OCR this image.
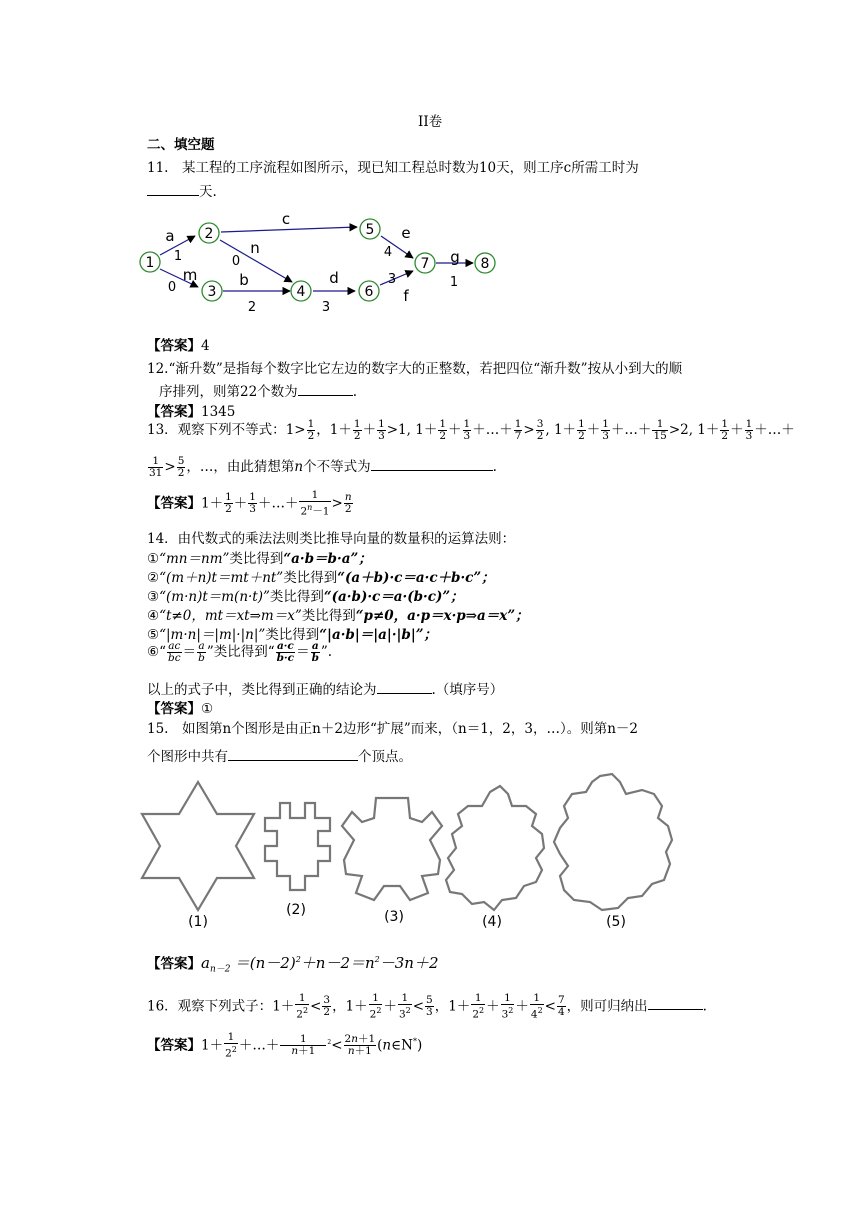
II卷
二、填空题
11.　某工程的工序流程如图所示，现已知工程总时数为10天，则工序c所需工时为
天.
1
2
3	4
5
6
7	8
a
1
m
0
c
n
0
b
2
d
3
e
4
f
3
g
1
【答案】4
12.“渐升数”是指每个数字比它左边的数字大的正整数，若把四位“渐升数”按从小到大的顺
序排列，则第22个数为	.
【答案】1345
13．观察下列不等式：$1> \frac{1}{2}$ ，$1+ \frac{1}{2} + \frac{1}{3} >1$, $1+ \frac{1}{2} + \frac{1}{3}$ ＋…＋ $\frac{1}{7} > \frac{3}{2}$ , $1+ \frac{1}{2} + \frac{1}{3}$ ＋…＋ $\frac{1}{15} >2$, $1+ \frac{1}{2} + \frac{1}{3}$ ＋…＋
$\frac{1}{31} > \frac{5}{2}$ ，…，由此猜想第n个不等式为	.
【答案】$1+ \frac{1}{2} + \frac{1}{3}$ ＋…＋ $\frac{1}{2^n-1} > \frac{n}{2}$
14．由代数式的乘法法则类比推导向量的数量积的运算法则：
①“mn＝nm”类比得到“a·b＝b·a”；
②“(m＋n)t＝mt＋nt”类比得到“(a＋b)·c＝a·c＋b·c”；
③“(m·n)t＝m(n·t)”类比得到“(a·b)·c＝a·(b·c)”；
④“t≠0，mt＝xt⇒m＝x”类比得到“p≠0，a·p＝x·p⇒a＝x”；
⑤“|m·n|＝|m|·|n|”类比得到“|a·b|＝|a|·|b|”；
⑥“ $\frac{ac}{bc} = \frac{a}{b}$ ”类比得到“ $\frac{a\cdot c}{b\cdot c} = \frac{a}{b}$ ”.
以上的式子中，类比得到正确的结论为	.（填序号）
【答案】①
15.　如图第n个图形是由正n＋2边形“扩展”而来，（n＝1，2，3，…）。则第n－2
个图形中共有	个顶点。
(1)
(2)	(3)	(4)	(5)
【答案】$a_{n-2} =(n-2)^2+n-2=n^2-3n+2$
16．观察下列式子：$1+ \frac{1}{2^2} < \frac{3}{2}$ ，$1+ \frac{1}{2^2} + \frac{1}{3^2} < \frac{5}{3}$ ，$1+ \frac{1}{2^2} + \frac{1}{3^2} + \frac{1}{4^2} < \frac{7}{4}$ ，则可归纳出	.
【答案】$1+ \frac{1}{2^2}$ ＋…＋ $\frac{1}{n+1} ^2< \frac{2n+1}{n+1}$ (n∈N*)
